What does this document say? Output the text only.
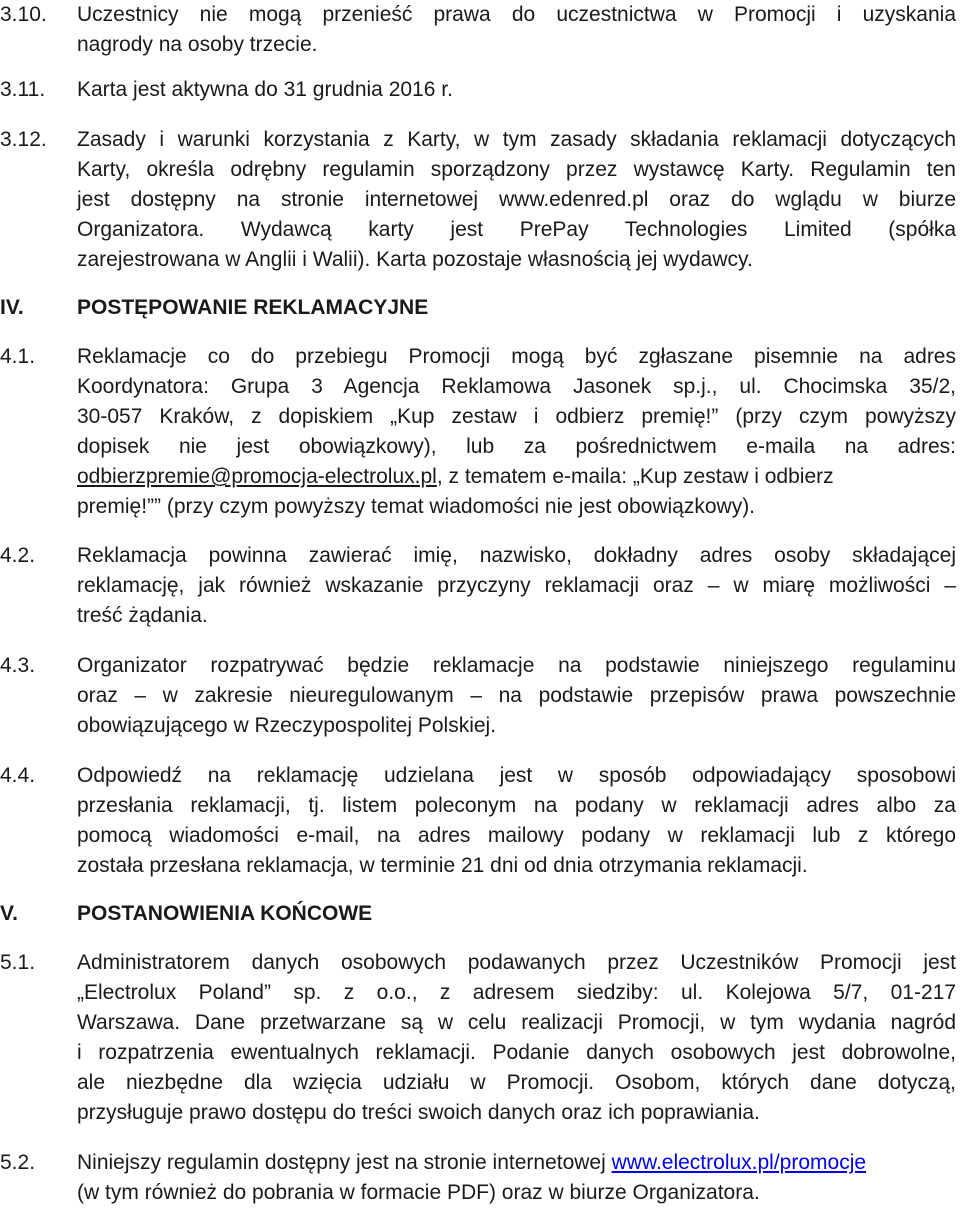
3.10. Uczestnicy nie mogą przenieść prawa do uczestnictwa w Promocji i uzyskania
nagrody na osoby trzecie.
3.11. Karta jest aktywna do 31 grudnia 2016 r.
3.12. Zasady i warunki korzystania z Karty, w tym zasady składania reklamacji dotyczących
Karty, określa odrębny regulamin sporządzony przez wystawcę Karty. Regulamin ten
jest dostępny na stronie internetowej www.edenred.pl oraz do wglądu w biurze
Organizatora. Wydawcą karty jest PrePay Technologies Limited (spółka
zarejestrowana w Anglii i Walii). Karta pozostaje własnością jej wydawcy.
IV.	POSTĘPOWANIE REKLAMACYJNE
4.1. Reklamacje co do przebiegu Promocji mogą być zgłaszane pisemnie na adres
Koordynatora: Grupa 3 Agencja Reklamowa Jasonek sp.j., ul. Chocimska 35/2,
30-057 Kraków, z dopiskiem „Kup zestaw i odbierz premię!” (przy czym powyższy
dopisek nie jest obowiązkowy), lub za pośrednictwem e-maila na adres:
odbierzpremie@promocja-electrolux.pl, z tematem e-maila: „Kup zestaw i odbierz
premię!”” (przy czym powyższy temat wiadomości nie jest obowiązkowy).
4.2. Reklamacja powinna zawierać imię, nazwisko, dokładny adres osoby składającej
reklamację, jak również wskazanie przyczyny reklamacji oraz – w miarę możliwości –
treść żądania.
4.3. Organizator rozpatrywać będzie reklamacje na podstawie niniejszego regulaminu
oraz – w zakresie nieuregulowanym – na podstawie przepisów prawa powszechnie
obowiązującego w Rzeczypospolitej Polskiej.
4.4. Odpowiedź na reklamację udzielana jest w sposób odpowiadający sposobowi
przesłania reklamacji, tj. listem poleconym na podany w reklamacji adres albo za
pomocą wiadomości e-mail, na adres mailowy podany w reklamacji lub z którego
została przesłana reklamacja, w terminie 21 dni od dnia otrzymania reklamacji.
V.	POSTANOWIENIA KOŃCOWE
5.1. Administratorem danych osobowych podawanych przez Uczestników Promocji jest
„Electrolux Poland” sp. z o.o., z adresem siedziby: ul. Kolejowa 5/7, 01-217
Warszawa. Dane przetwarzane są w celu realizacji Promocji, w tym wydania nagród
i rozpatrzenia ewentualnych reklamacji. Podanie danych osobowych jest dobrowolne,
ale niezbędne dla wzięcia udziału w Promocji. Osobom, których dane dotyczą,
przysługuje prawo dostępu do treści swoich danych oraz ich poprawiania.
5.2. Niniejszy regulamin dostępny jest na stronie internetowej www.electrolux.pl/promocje
(w tym również do pobrania w formacie PDF) oraz w biurze Organizatora.
